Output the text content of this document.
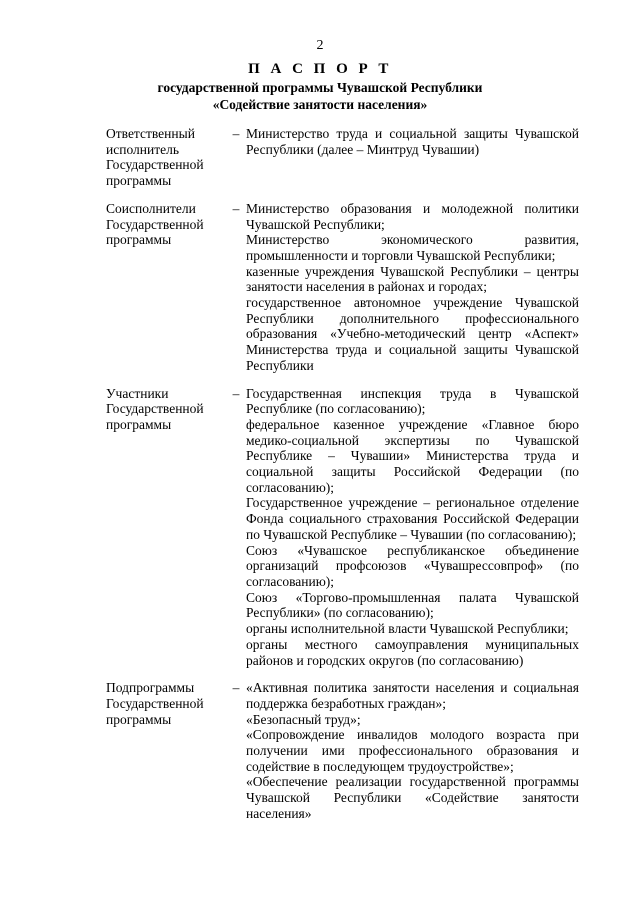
2
П А С П О Р Т
государственной программы Чувашской Республики
«Содействие занятости населения»
Ответственный исполнитель Государственной программы
– Министерство труда и социальной защиты Чувашской Республики (далее – Минтруд Чувашии)
Соисполнители Государственной программы
– Министерство образования и молодежной политики Чувашской Республики;
Министерство экономического развития, промышленности и торговли Чувашской Республики;
казенные учреждения Чувашской Республики – центры занятости населения в районах и городах;
государственное автономное учреждение Чувашской Республики дополнительного профессионального образования «Учебно-методический центр «Аспект» Министерства труда и социальной защиты Чувашской Республики
Участники Государственной программы
– Государственная инспекция труда в Чувашской Республике (по согласованию);
федеральное казенное учреждение «Главное бюро медико-социальной экспертизы по Чувашской Республике – Чувашии» Министерства труда и социальной защиты Российской Федерации (по согласованию);
Государственное учреждение – региональное отделение Фонда социального страхования Российской Федерации по Чувашской Республике – Чувашии (по согласованию);
Союз «Чувашское республиканское объединение организаций профсоюзов «Чувашрессовпроф» (по согласованию);
Союз «Торгово-промышленная палата Чувашской Республики» (по согласованию);
органы исполнительной власти Чувашской Республики;
органы местного самоуправления муниципальных районов и городских округов (по согласованию)
Подпрограммы Государственной программы
– «Активная политика занятости населения и социальная поддержка безработных граждан»;
«Безопасный труд»;
«Сопровождение инвалидов молодого возраста при получении ими профессионального образования и содействие в последующем трудоустройстве»;
«Обеспечение реализации государственной программы Чувашской Республики «Содействие занятости населения»
